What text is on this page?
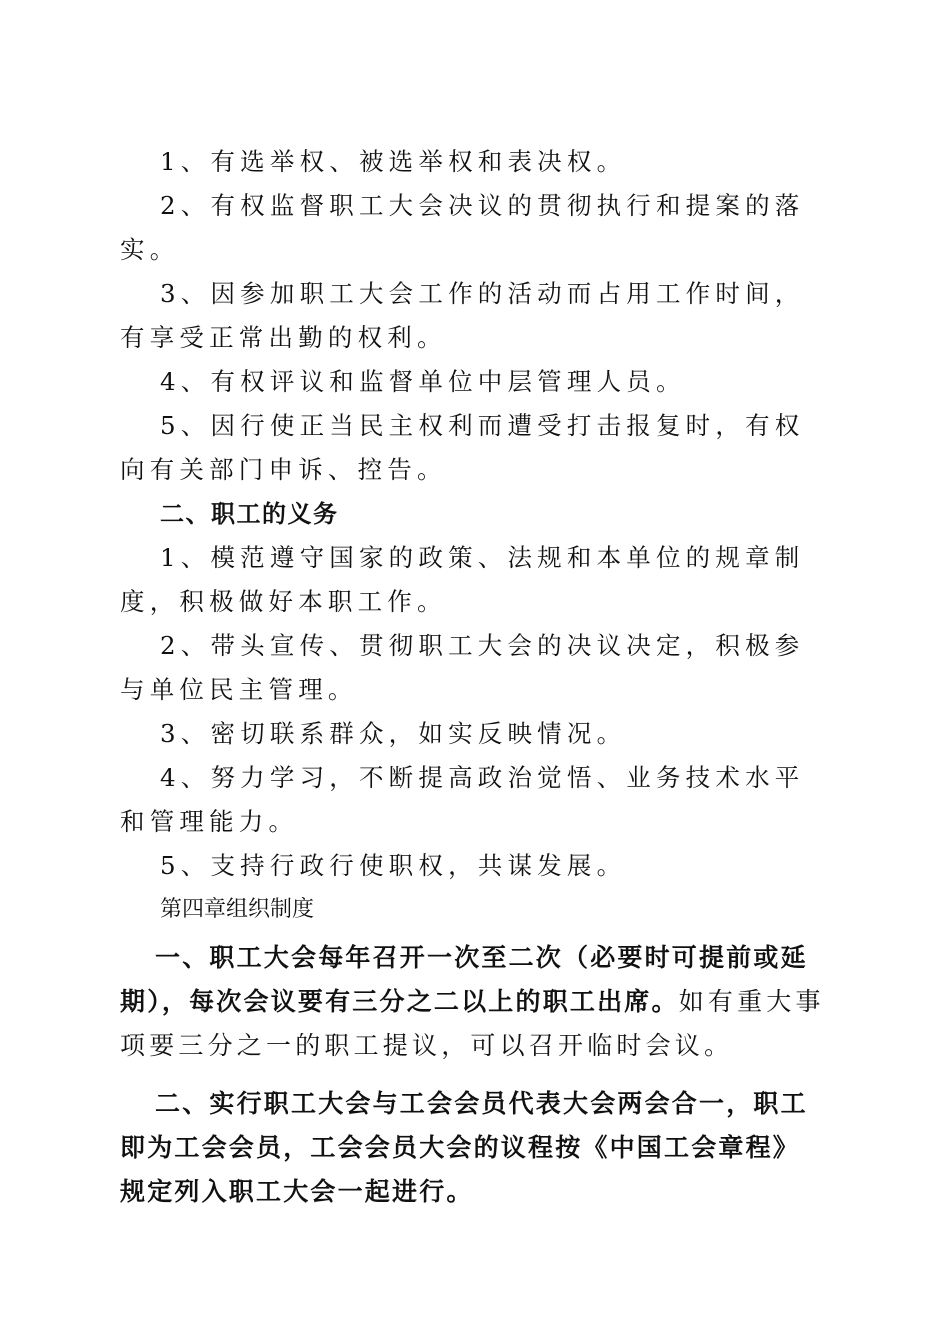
1、有选举权、被选举权和表决权。

2、有权监督职工大会决议的贯彻执行和提案的落实。

3、因参加职工大会工作的活动而占用工作时间，有享受正常出勤的权利。

4、有权评议和监督单位中层管理人员。

5、因行使正当民主权利而遭受打击报复时，有权向有关部门申诉、控告。

二、职工的义务

1、模范遵守国家的政策、法规和本单位的规章制度，积极做好本职工作。

2、带头宣传、贯彻职工大会的决议决定，积极参与单位民主管理。

3、密切联系群众，如实反映情况。

4、努力学习，不断提高政治觉悟、业务技术水平和管理能力。

5、支持行政行使职权，共谋发展。

第四章组织制度

一、职工大会每年召开一次至二次（必要时可提前或延期），每次会议要有三分之二以上的职工出席。如有重大事项要三分之一的职工提议，可以召开临时会议。

二、实行职工大会与工会会员代表大会两会合一，职工即为工会会员，工会会员大会的议程按《中国工会章程》规定列入职工大会一起进行。
